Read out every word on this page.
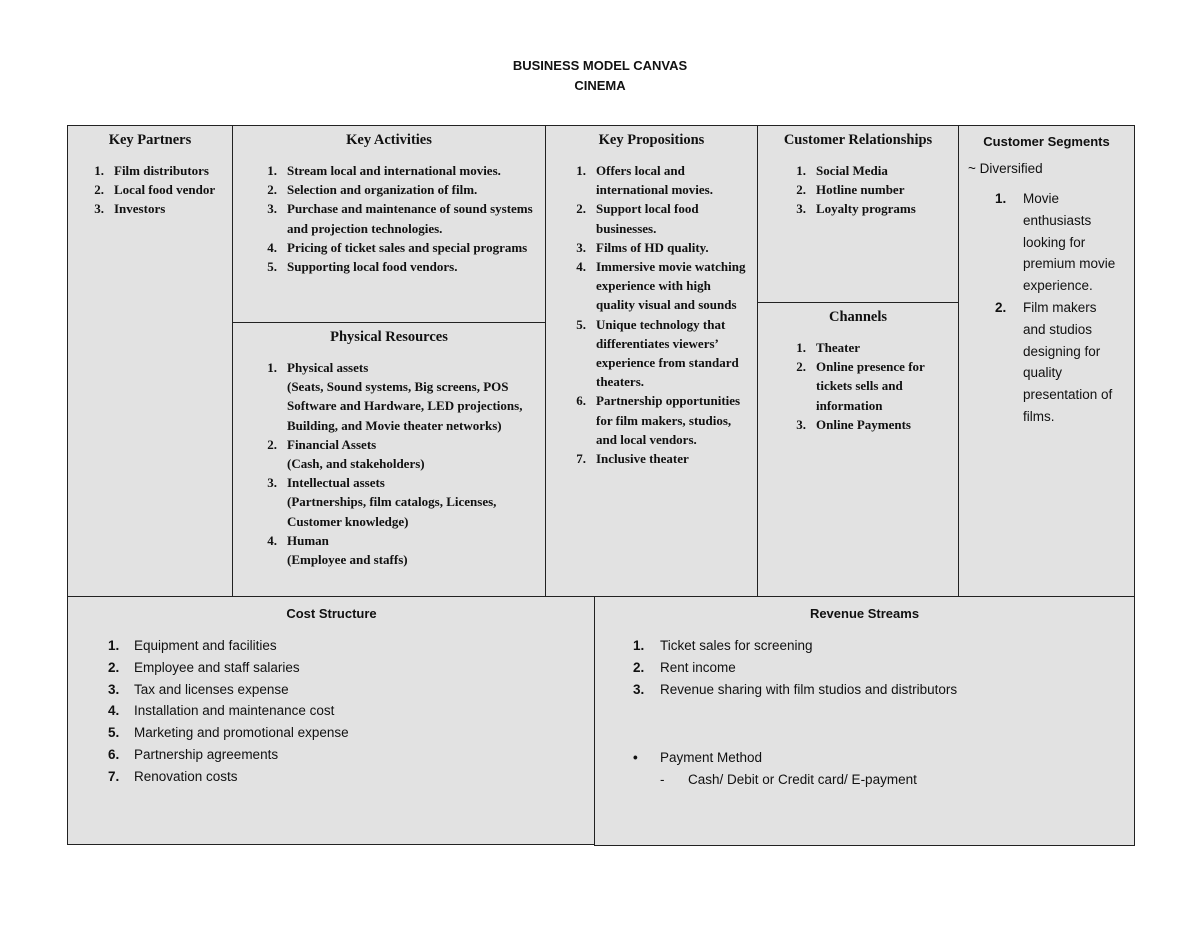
BUSINESS MODEL CANVAS
CINEMA
Key Partners
1. Film distributors
2. Local food vendor
3. Investors
Key Activities
1. Stream local and international movies.
2. Selection and organization of film.
3. Purchase and maintenance of sound systems and projection technologies.
4. Pricing of ticket sales and special programs
5. Supporting local food vendors.
Physical Resources
1. Physical assets
(Seats, Sound systems, Big screens, POS Software and Hardware, LED projections, Building, and Movie theater networks)
2. Financial Assets
(Cash, and stakeholders)
3. Intellectual assets
(Partnerships, film catalogs, Licenses, Customer knowledge)
4. Human
(Employee and staffs)
Key Propositions
1. Offers local and international movies.
2. Support local food businesses.
3. Films of HD quality.
4. Immersive movie watching experience with high quality visual and sounds
5. Unique technology that differentiates viewers’ experience from standard theaters.
6. Partnership opportunities for film makers, studios, and local vendors.
7. Inclusive theater
Customer Relationships
1. Social Media
2. Hotline number
3. Loyalty programs
Channels
1. Theater
2. Online presence for tickets sells and information
3. Online Payments
Customer Segments
~ Diversified
1.	Movie enthusiasts looking for premium movie experience.
2.	Film makers and studios designing for quality presentation of films.
Cost Structure
1.	Equipment and facilities
2.	Employee and staff salaries
3.	Tax and licenses expense
4.	Installation and maintenance cost
5.	Marketing and promotional expense
6.	Partnership agreements
7.	Renovation costs
Revenue Streams
1.	Ticket sales for screening
2.	Rent income
3.	Revenue sharing with film studios and distributors
•	Payment Method
-	Cash/ Debit or Credit card/ E-payment
